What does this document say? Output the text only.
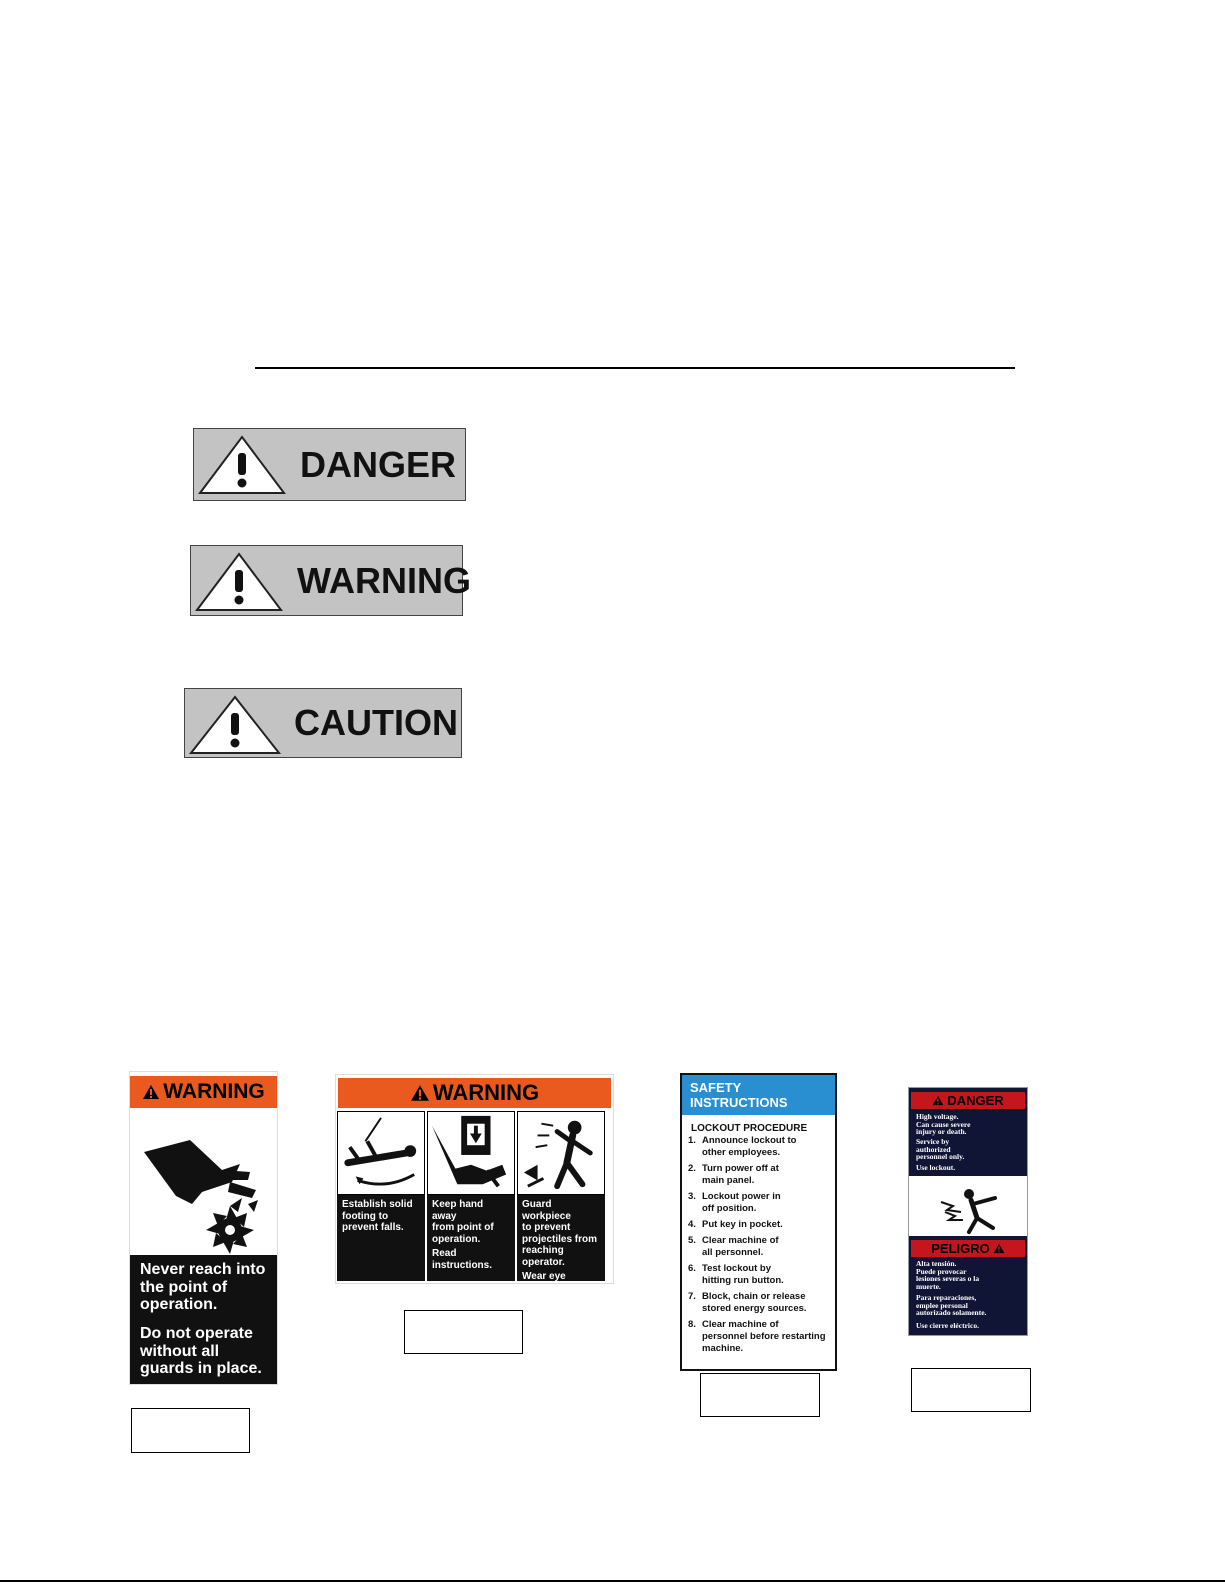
DANGER
WARNING
CAUTION
WARNING

Never reach into the point of operation.

Do not operate without all guards in place.

WARNING
Establish solid
footing to
prevent falls.
Keep hand away
from point of
operation.
Read instructions.
Guard workpiece
to prevent
projectiles from
reaching operator.
Wear eye
protection.
SAFETY
INSTRUCTIONS
LOCKOUT PROCEDURE
1. Announce lockout to
other employees.
2. Turn power off at
main panel.
3. Lockout power in
off position.
4. Put key in pocket.
5. Clear machine of
all personnel.
6. Test lockout by
hitting run button.
7. Block, chain or release
stored energy sources.
8. Clear machine of
personnel before restarting machine.
DANGER
High voltage.
Can cause severe
injury or death.
Service by
authorized
personnel only.
Use lockout.
PELIGRO
Alta tensión.
Puede provocar
lesiones severas o la
muerte.
Para reparaciones,
emplee personal
autorizado solamente.
Use cierre eléctrico.
